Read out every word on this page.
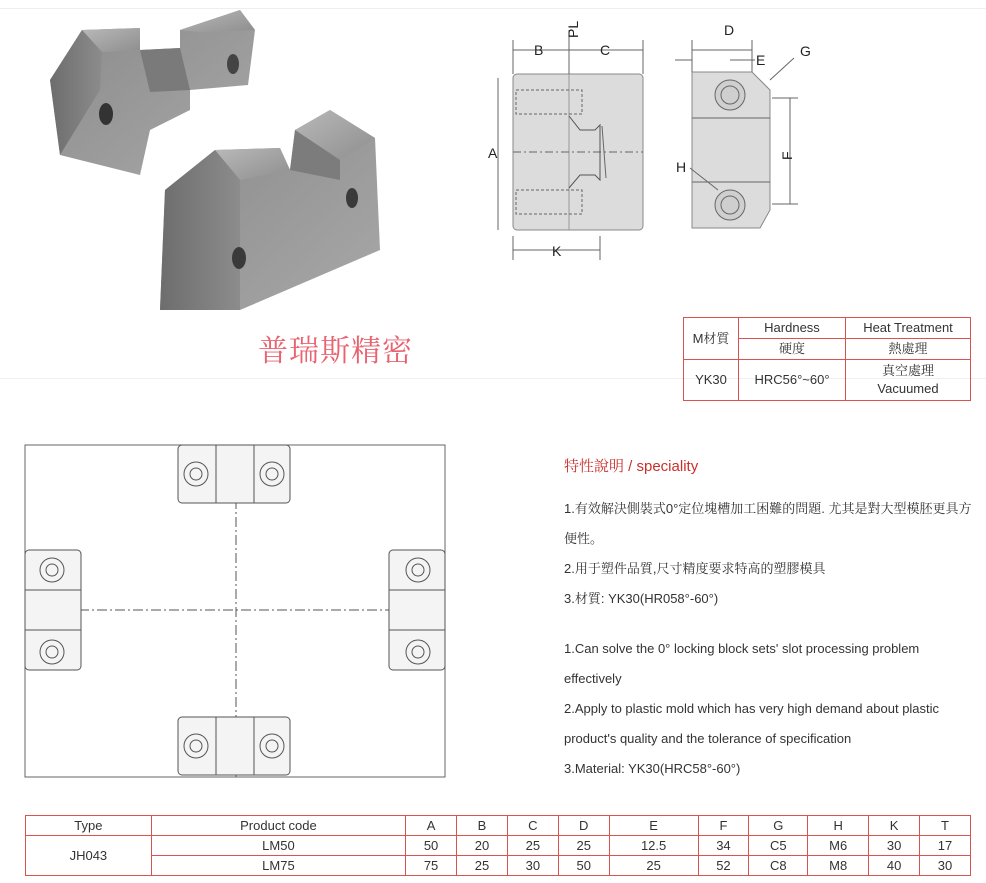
普瑞斯精密
PL
A
B	C
D
E
F
G
H
K
M材質	Hardness	Heat Treatment
	硬度	熱處理
YK30	HRC56°~60°	真空處理
Vacuumed
特性說明 / speciality
1.有效解決側裝式0°定位塊槽加工困難的問題. 尤其是對大型模胚更具方便性。
2.用于塑件品質,尺寸精度要求特高的塑膠模具
3.材質: YK30(HR058°-60°)
1.Can solve the 0° locking block sets' slot processing problem effectively
2.Apply to plastic mold which has very high demand about plastic product's quality and the tolerance of specification
3.Material: YK30(HRC58°-60°)
Type	Product code	A	B	C	D	E	F	G	H	K	T
JH043	LM50	50	20	25	25	12.5	34	C5	M6	30	17
	LM75	75	25	30	50	25	52	C8	M8	40	30
